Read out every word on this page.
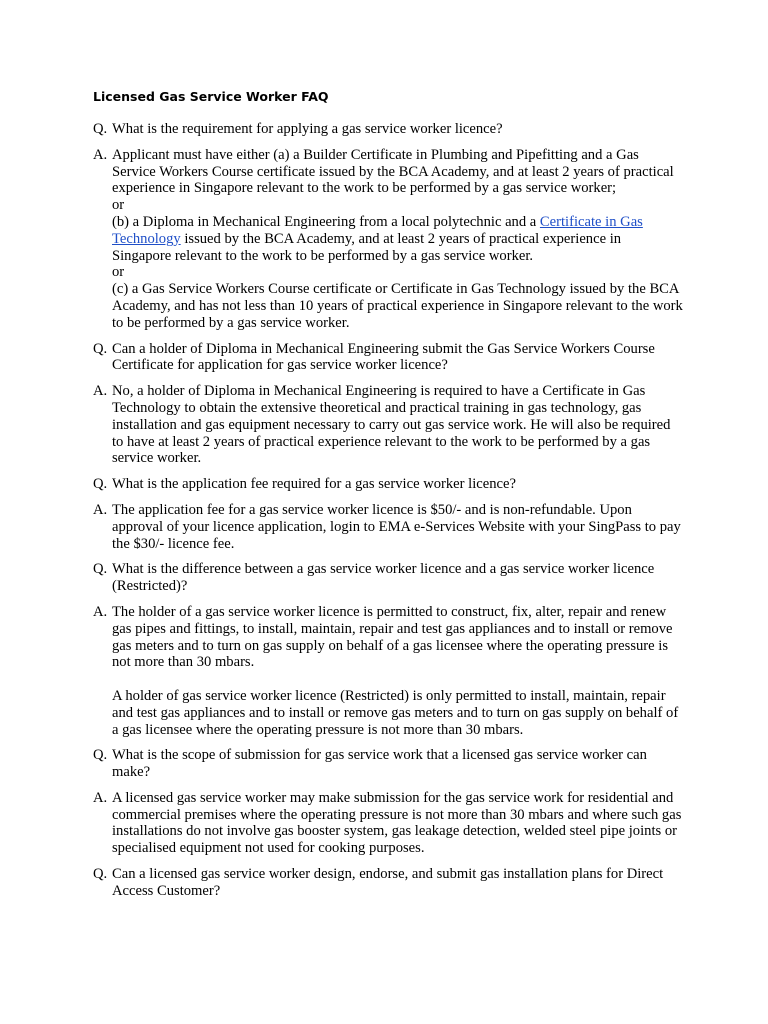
Licensed Gas Service Worker FAQ
Q. What is the requirement for applying a gas service worker licence?
A. Applicant must have either (a) a Builder Certificate in Plumbing and Pipefitting and a Gas Service Workers Course certificate issued by the BCA Academy, and at least 2 years of practical experience in Singapore relevant to the work to be performed by a gas service worker;
or
(b) a Diploma in Mechanical Engineering from a local polytechnic and a Certificate in Gas Technology issued by the BCA Academy, and at least 2 years of practical experience in Singapore relevant to the work to be performed by a gas service worker.
or
(c) a Gas Service Workers Course certificate or Certificate in Gas Technology issued by the BCA Academy, and has not less than 10 years of practical experience in Singapore relevant to the work to be performed by a gas service worker.
Q. Can a holder of Diploma in Mechanical Engineering submit the Gas Service Workers Course Certificate for application for gas service worker licence?
A. No, a holder of Diploma in Mechanical Engineering is required to have a Certificate in Gas Technology to obtain the extensive theoretical and practical training in gas technology, gas installation and gas equipment necessary to carry out gas service work. He will also be required to have at least 2 years of practical experience relevant to the work to be performed by a gas service worker.
Q. What is the application fee required for a gas service worker licence?
A. The application fee for a gas service worker licence is $50/- and is non-refundable. Upon approval of your licence application, login to EMA e-Services Website with your SingPass to pay the $30/- licence fee.
Q. What is the difference between a gas service worker licence and a gas service worker licence (Restricted)?
A. The holder of a gas service worker licence is permitted to construct, fix, alter, repair and renew gas pipes and fittings, to install, maintain, repair and test gas appliances and to install or remove gas meters and to turn on gas supply on behalf of a gas licensee where the operating pressure is not more than 30 mbars.
A holder of gas service worker licence (Restricted) is only permitted to install, maintain, repair and test gas appliances and to install or remove gas meters and to turn on gas supply on behalf of a gas licensee where the operating pressure is not more than 30 mbars.
Q. What is the scope of submission for gas service work that a licensed gas service worker can make?
A. A licensed gas service worker may make submission for the gas service work for residential and commercial premises where the operating pressure is not more than 30 mbars and where such gas installations do not involve gas booster system, gas leakage detection, welded steel pipe joints or specialised equipment not used for cooking purposes.
Q. Can a licensed gas service worker design, endorse, and submit gas installation plans for Direct Access Customer?
